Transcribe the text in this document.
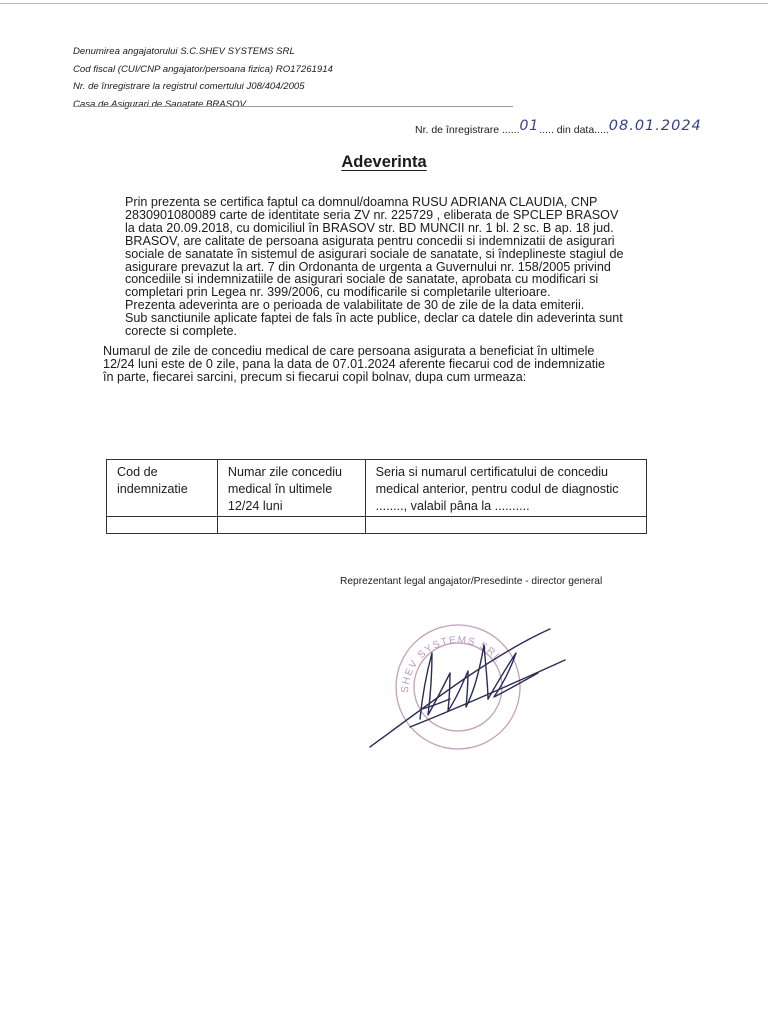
Denumirea angajatorului S.C.SHEV SYSTEMS SRL
Cod fiscal (CUI/CNP angajator/persoana fizica) RO17261914
Nr. de înregistrare la registrul comertului J08/404/2005
Casa de Asigurari de Sanatate BRASOV
Nr. de înregistrare ......01..... din data.....08.01.2024
Adeverinta
Prin prezenta se certifica faptul ca domnul/doamna RUSU ADRIANA CLAUDIA, CNP
2830901080089 carte de identitate seria ZV nr. 225729 , eliberata de SPCLEP BRASOV
la data 20.09.2018, cu domiciliul în BRASOV str. BD MUNCII nr. 1 bl. 2 sc. B ap. 18 jud.
BRASOV, are calitate de persoana asigurata pentru concedii si indemnizatii de asigurari
sociale de sanatate în sistemul de asigurari sociale de sanatate, si îndeplineste stagiul de
asigurare prevazut la art. 7 din Ordonanta de urgenta a Guvernului nr. 158/2005 privind
concediile si indemnizatiile de asigurari sociale de sanatate, aprobata cu modificari si
completari prin Legea nr. 399/2006, cu modificarile si completarile ulterioare.
Prezenta adeverinta are o perioada de valabilitate de 30 de zile de la data emiterii.
Sub sanctiunile aplicate faptei de fals în acte publice, declar ca datele din adeverinta sunt
corecte si complete.
Numarul de zile de concediu medical de care persoana asigurata a beneficiat în ultimele
12/24 luni este de 0 zile, pana la data de 07.01.2024 aferente fiecarui cod de indemnizatie
în parte, fiecarei sarcini, precum si fiecarui copil bolnav, dupa cum urmeaza:
Cod de indemnizatie	Numar zile concediu medical în ultimele 12/24 luni	Seria si numarul certificatului de concediu medical anterior, pentru codul de diagnostic ........, valabil pâna la ..........

Reprezentant legal angajator/Presedinte - director general
SHEV SYSTEMS SRL
